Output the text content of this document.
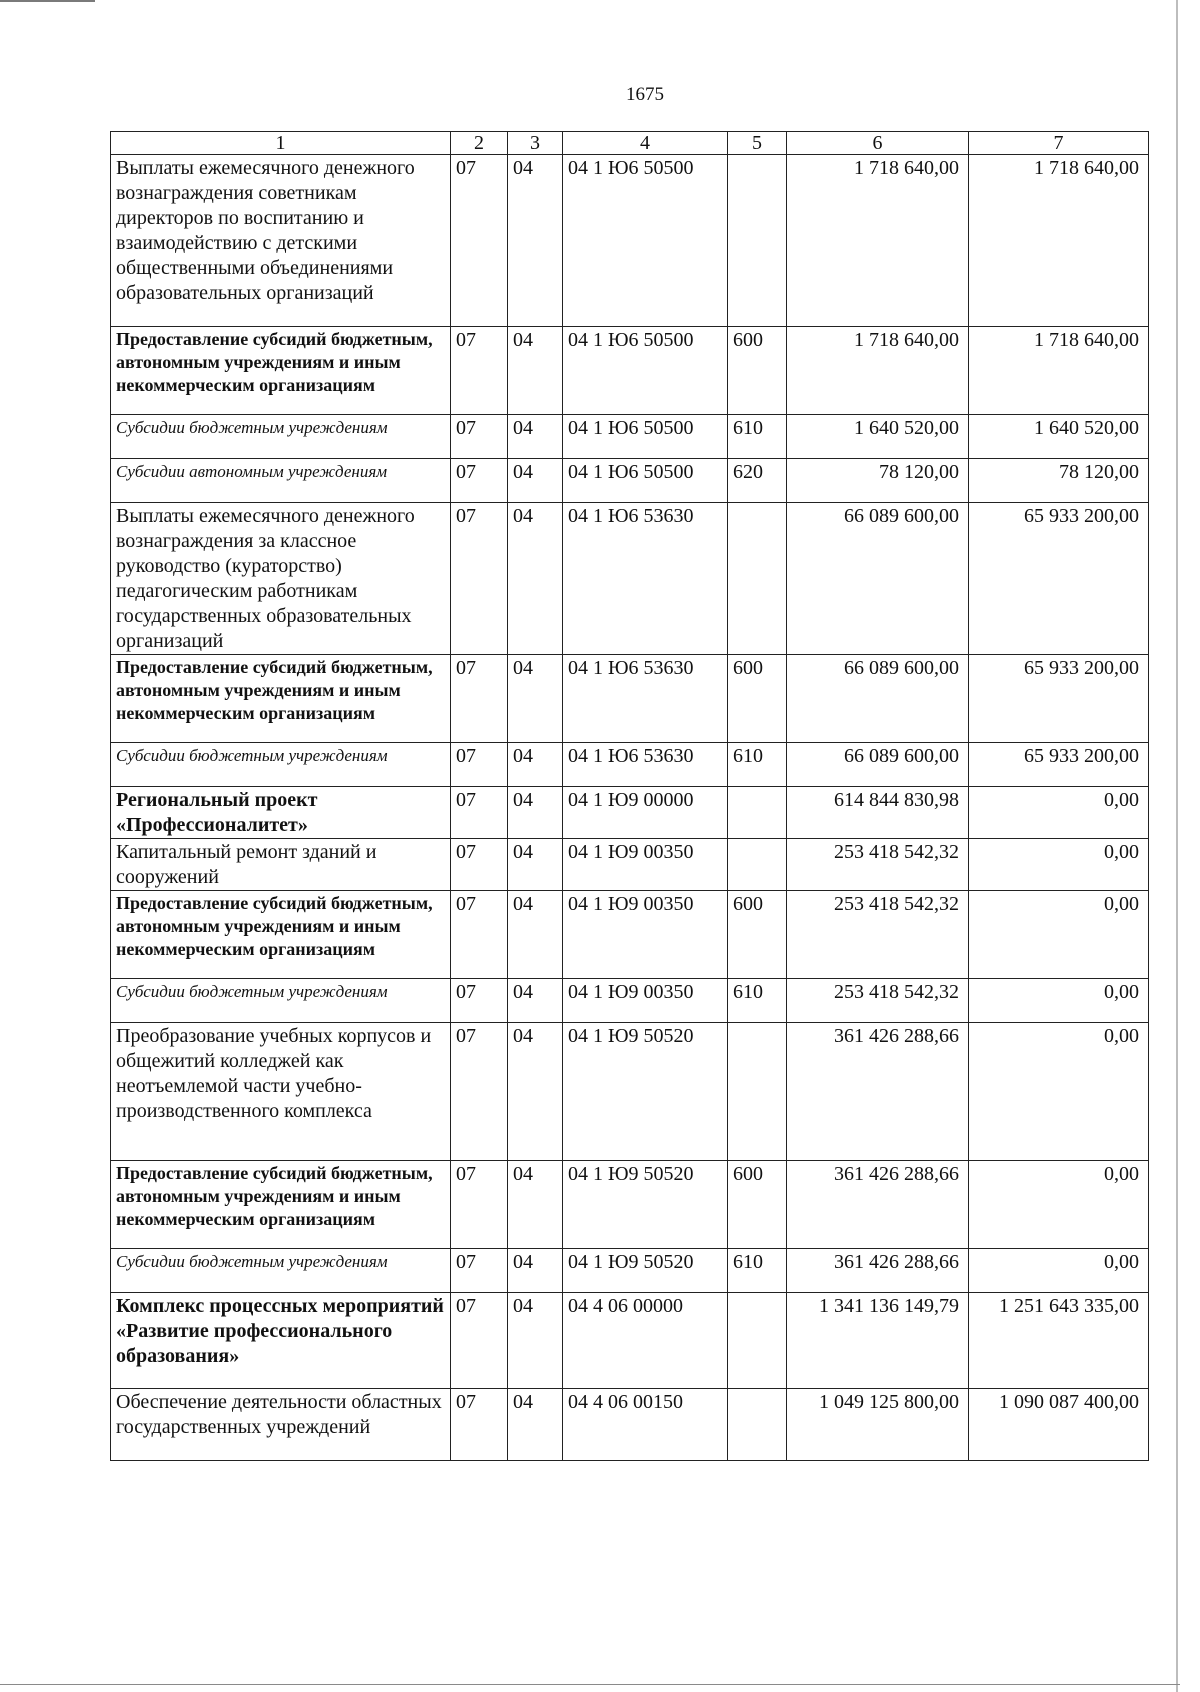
1675
1	2	3	4	5	6	7
Выплаты ежемесячного денежного вознаграждения советникам директоров по воспитанию и взаимодействию с детскими общественными объединениями образовательных организаций	07	04	04 1 Ю6 50500		1 718 640,00	1 718 640,00
Предоставление субсидий бюджетным, автономным учреждениям и иным некоммерческим организациям	07	04	04 1 Ю6 50500	600	1 718 640,00	1 718 640,00
Субсидии бюджетным учреждениям	07	04	04 1 Ю6 50500	610	1 640 520,00	1 640 520,00
Субсидии автономным учреждениям	07	04	04 1 Ю6 50500	620	78 120,00	78 120,00
Выплаты ежемесячного денежного вознаграждения за классное руководство (кураторство) педагогическим работникам государственных образовательных организаций	07	04	04 1 Ю6 53630		66 089 600,00	65 933 200,00
Предоставление субсидий бюджетным, автономным учреждениям и иным некоммерческим организациям	07	04	04 1 Ю6 53630	600	66 089 600,00	65 933 200,00
Субсидии бюджетным учреждениям	07	04	04 1 Ю6 53630	610	66 089 600,00	65 933 200,00
Региональный проект «Профессионалитет»	07	04	04 1 Ю9 00000		614 844 830,98	0,00
Капитальный ремонт зданий и сооружений	07	04	04 1 Ю9 00350		253 418 542,32	0,00
Предоставление субсидий бюджетным, автономным учреждениям и иным некоммерческим организациям	07	04	04 1 Ю9 00350	600	253 418 542,32	0,00
Субсидии бюджетным учреждениям	07	04	04 1 Ю9 00350	610	253 418 542,32	0,00
Преобразование учебных корпусов и общежитий колледжей как неотъемлемой части учебно-производственного комплекса	07	04	04 1 Ю9 50520		361 426 288,66	0,00
Предоставление субсидий бюджетным, автономным учреждениям и иным некоммерческим организациям	07	04	04 1 Ю9 50520	600	361 426 288,66	0,00
Субсидии бюджетным учреждениям	07	04	04 1 Ю9 50520	610	361 426 288,66	0,00
Комплекс процессных мероприятий «Развитие профессионального образования»	07	04	04 4 06 00000		1 341 136 149,79	1 251 643 335,00
Обеспечение деятельности областных государственных учреждений	07	04	04 4 06 00150		1 049 125 800,00	1 090 087 400,00
